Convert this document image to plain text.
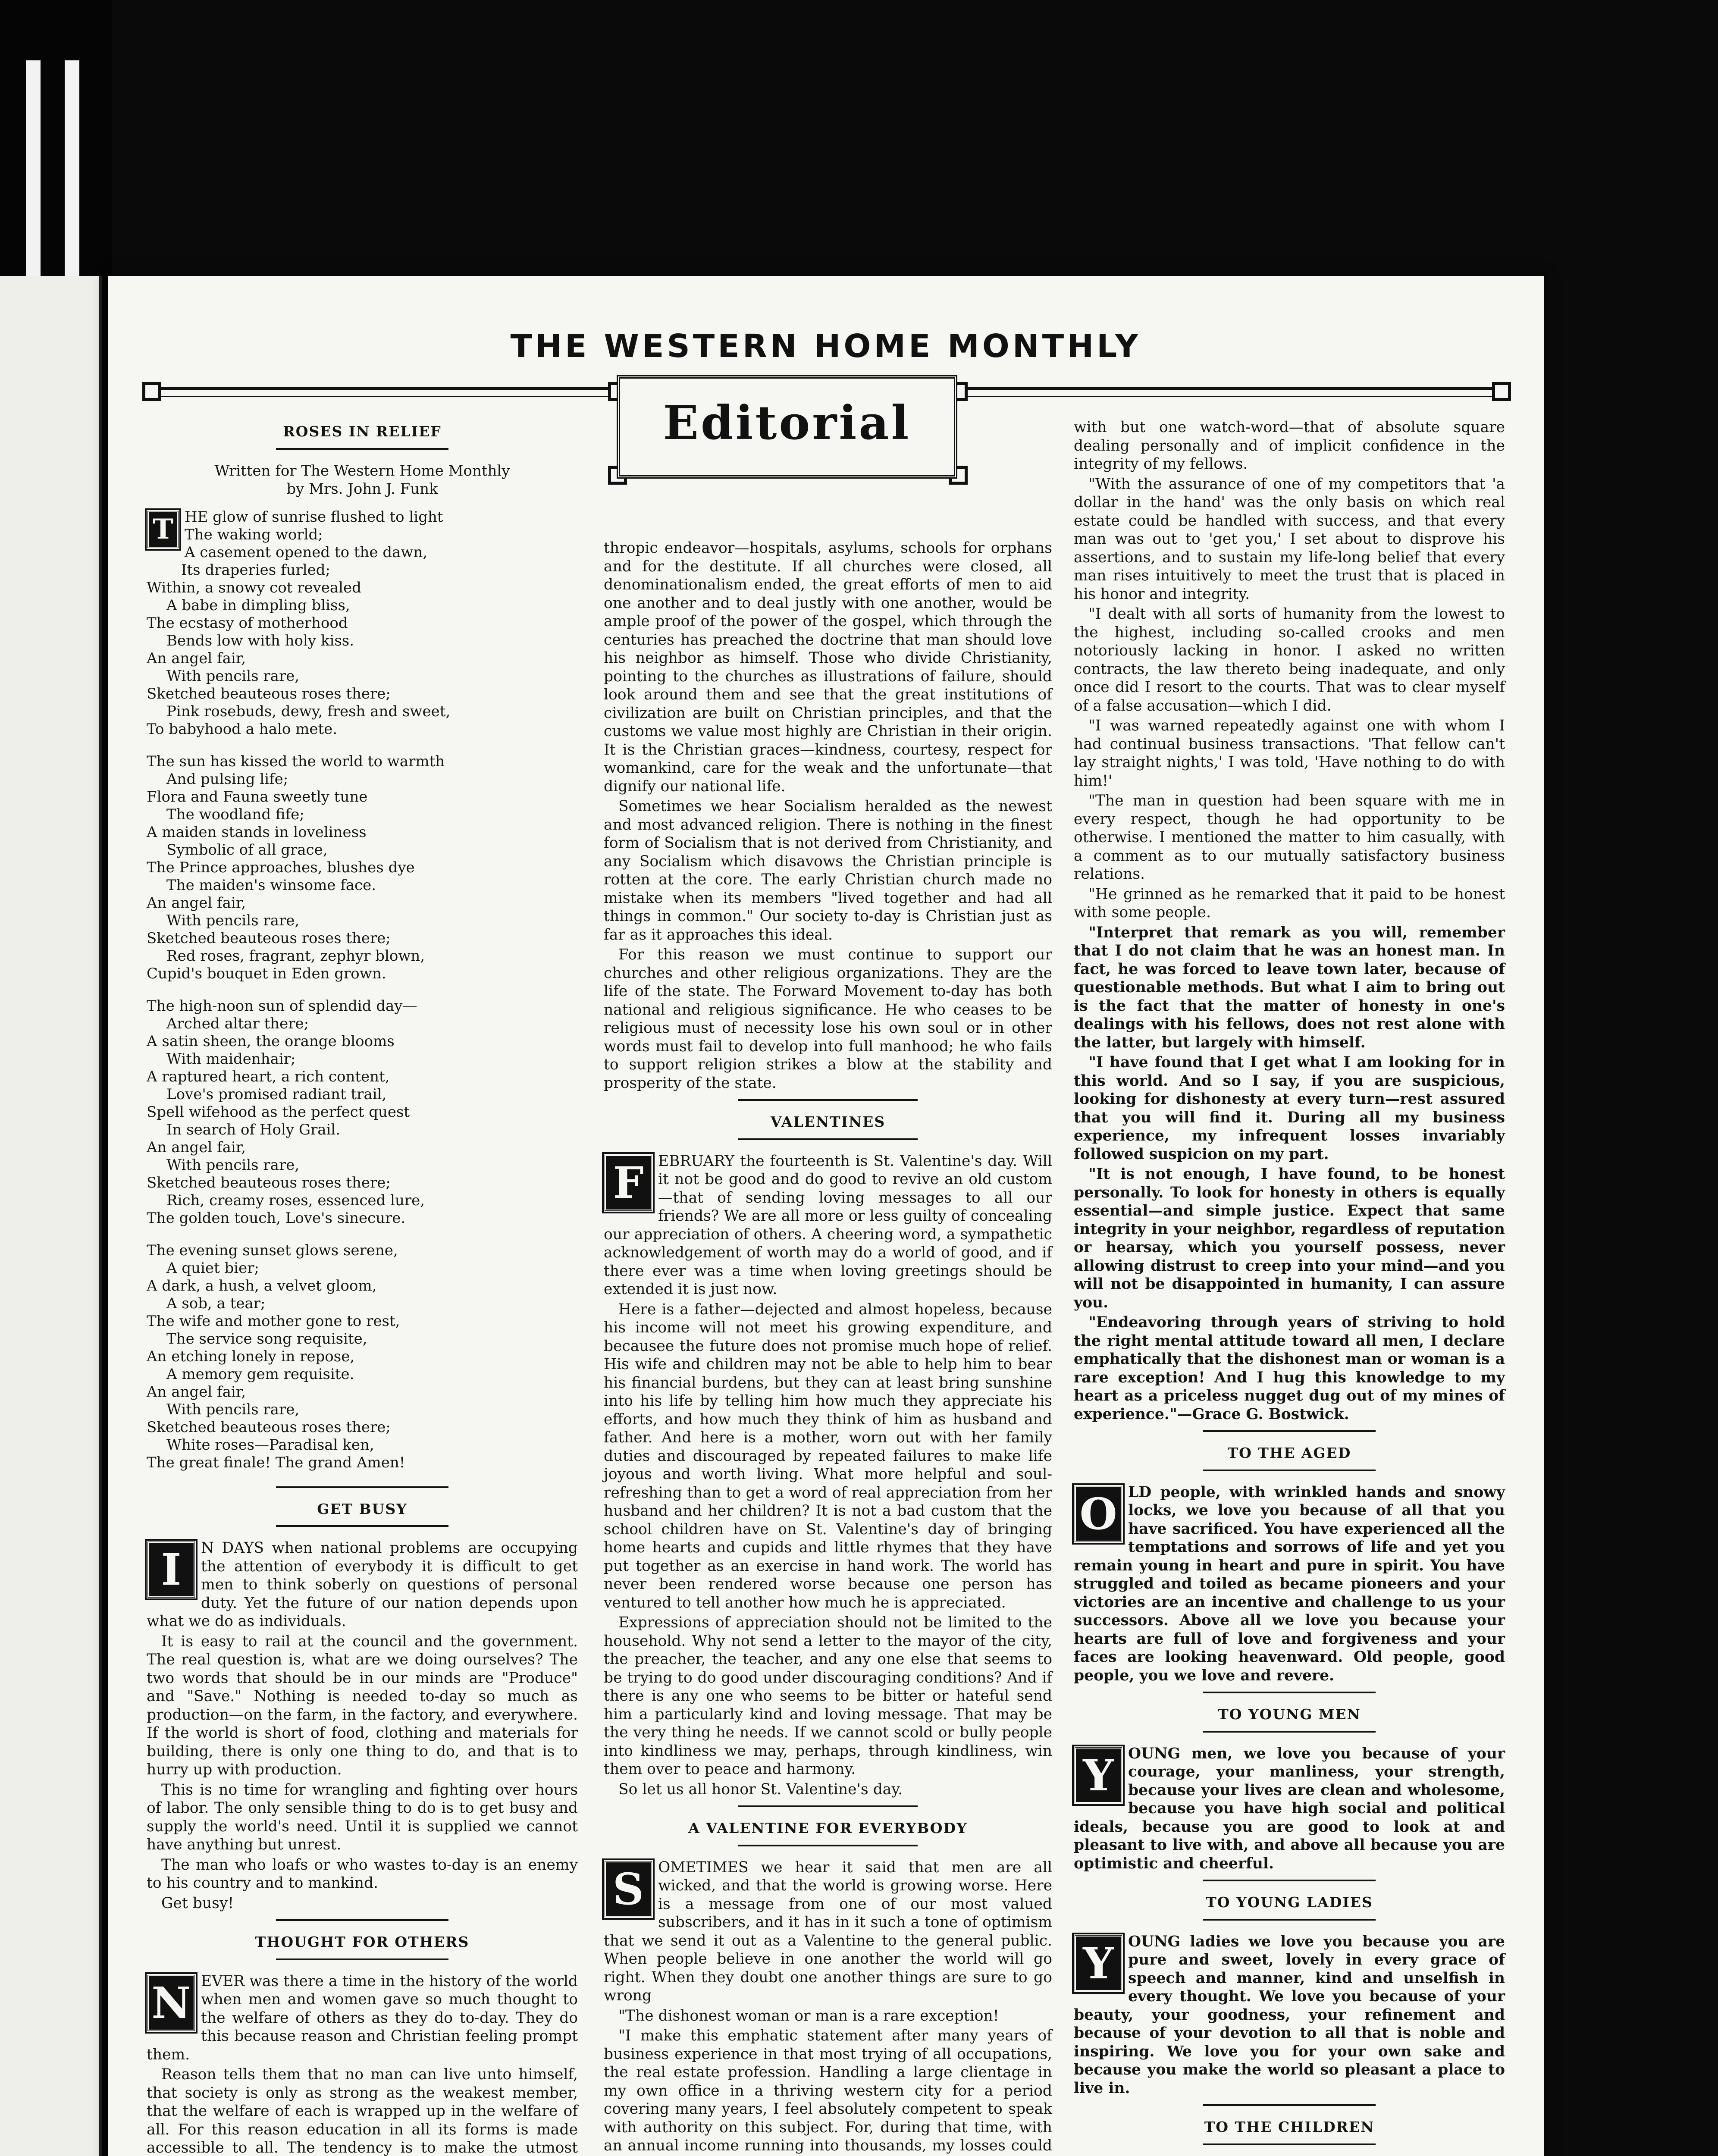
THE WESTERN HOME MONTHLY
Editorial
ROSES IN RELIEF
Written for The Western Home Monthly
by Mrs. John J. Funk
T HE glow of sunrise flushed to light
The waking world;
A casement opened to the dawn,
Its draperies furled;
Within, a snowy cot revealed
A babe in dimpling bliss,
The ecstasy of motherhood
Bends low with holy kiss.
An angel fair,
With pencils rare,
Sketched beauteous roses there;
Pink rosebuds, dewy, fresh and sweet,
To babyhood a halo mete.
The sun has kissed the world to warmth
And pulsing life;
Flora and Fauna sweetly tune
The woodland fife;
A maiden stands in loveliness
Symbolic of all grace,
The Prince approaches, blushes dye
The maiden's winsome face.
An angel fair,
With pencils rare,
Sketched beauteous roses there;
Red roses, fragrant, zephyr blown,
Cupid's bouquet in Eden grown.
The high-noon sun of splendid day—
Arched altar there;
A satin sheen, the orange blooms
With maidenhair;
A raptured heart, a rich content,
Love's promised radiant trail,
Spell wifehood as the perfect quest
In search of Holy Grail.
An angel fair,
With pencils rare,
Sketched beauteous roses there;
Rich, creamy roses, essenced lure,
The golden touch, Love's sinecure.
The evening sunset glows serene,
A quiet bier;
A dark, a hush, a velvet gloom,
A sob, a tear;
The wife and mother gone to rest,
The service song requisite,
An etching lonely in repose,
A memory gem requisite.
An angel fair,
With pencils rare,
Sketched beauteous roses there;
White roses—Paradisal ken,
The great finale! The grand Amen!
GET BUSY

I	N DAYS when national problems are occupying the attention of everybody it is difficult to get men to think soberly on questions of personal duty. Yet the future of our nation depends upon what we do as individuals.

It is easy to rail at the council and the government. The real question is, what are we doing ourselves? The two words that should be in our minds are "Produce" and "Save." Nothing is needed to-day so much as production—on the farm, in the factory, and everywhere. If the world is short of food, clothing and materials for building, there is only one thing to do, and that is to hurry up with production.

This is no time for wrangling and fighting over hours of labor. The only sensible thing to do is to get busy and supply the world's need. Until it is supplied we cannot have anything but unrest.

The man who loafs or who wastes to-day is an enemy to his country and to mankind.

Get busy!

THOUGHT FOR OTHERS

N EVER was there a time in the history of the world when men and women gave so much thought to the welfare of others as they do to-day. They do this because reason and Christian feeling prompt them.

Reason tells them that no man can live unto himself, that society is only as strong as the weakest member, that the welfare of each is wrapped up in the welfare of all. For this reason education in all its forms is made accessible to all. The tendency is to make the utmost

thropic endeavor—hospitals, asylums, schools for orphans and for the destitute. If all churches were closed, all denominationalism ended, the great efforts of men to aid one another and to deal justly with one another, would be ample proof of the power of the gospel, which through the centuries has preached the doctrine that man should love his neighbor as himself. Those who divide Christianity, pointing to the churches as illustrations of failure, should look around them and see that the great institutions of civilization are built on Christian principles, and that the customs we value most highly are Christian in their origin. It is the Christian graces—kindness, courtesy, respect for womankind, care for the weak and the unfortunate—that dignify our national life.

Sometimes we hear Socialism heralded as the newest and most advanced religion. There is nothing in the finest form of Socialism that is not derived from Christianity, and any Socialism which disavows the Christian principle is rotten at the core. The early Christian church made no mistake when its members "lived together and had all things in common." Our society to-day is Christian just as far as it approaches this ideal.

For this reason we must continue to support our churches and other religious organizations. They are the life of the state. The Forward Movement to-day has both national and religious significance. He who ceases to be religious must of necessity lose his own soul or in other words must fail to develop into full manhood; he who fails to support religion strikes a blow at the stability and prosperity of the state.

VALENTINES

F EBRUARY the fourteenth is St. Valentine's day. Will it not be good and do good to revive an old custom—that of sending loving messages to all our friends? We are all more or less guilty of concealing our appreciation of others. A cheering word, a sympathetic acknowledgement of worth may do a world of good, and if there ever was a time when loving greetings should be extended it is just now.

Here is a father—dejected and almost hopeless, because his income will not meet his growing expenditure, and becausee the future does not promise much hope of relief. His wife and children may not be able to help him to bear his financial burdens, but they can at least bring sunshine into his life by telling him how much they appreciate his efforts, and how much they think of him as husband and father. And here is a mother, worn out with her family duties and discouraged by repeated failures to make life joyous and worth living. What more helpful and soul-refreshing than to get a word of real appreciation from her husband and her children? It is not a bad custom that the school children have on St. Valentine's day of bringing home hearts and cupids and little rhymes that they have put together as an exercise in hand work. The world has never been rendered worse because one person has ventured to tell another how much he is appreciated.

Expressions of appreciation should not be limited to the household. Why not send a letter to the mayor of the city, the preacher, the teacher, and any one else that seems to be trying to do good under discouraging conditions? And if there is any one who seems to be bitter or hateful send him a particularly kind and loving message. That may be the very thing he needs. If we cannot scold or bully people into kindliness we may, perhaps, through kindliness, win them over to peace and harmony.

So let us all honor St. Valentine's day.

A VALENTINE FOR EVERYBODY

S OMETIMES we hear it said that men are all wicked, and that the world is growing worse. Here is a message from one of our most valued subscribers, and it has in it such a tone of optimism that we send it out as a Valentine to the general public. When people believe in one another the world will go right. When they doubt one another things are sure to go wrong

"The dishonest woman or man is a rare exception!

"I make this emphatic statement after many years of business experience in that most trying of all occupations, the real estate profession. Handling a large clientage in my own office in a thriving western city for a period covering many years, I feel absolutely competent to speak with authority on this subject. For, during that time, with an annual income running into thousands, my losses could

with but one watch-word—that of absolute square dealing personally and of implicit confidence in the integrity of my fellows.

"With the assurance of one of my competitors that 'a dollar in the hand' was the only basis on which real estate could be handled with success, and that every man was out to 'get you,' I set about to disprove his assertions, and to sustain my life-long belief that every man rises intuitively to meet the trust that is placed in his honor and integrity.

"I dealt with all sorts of humanity from the lowest to the highest, including so-called crooks and men notoriously lacking in honor. I asked no written contracts, the law thereto being inadequate, and only once did I resort to the courts. That was to clear myself of a false accusation—which I did.

"I was warned repeatedly against one with whom I had continual business transactions. 'That fellow can't lay straight nights,' I was told, 'Have nothing to do with him!'

"The man in question had been square with me in every respect, though he had opportunity to be otherwise. I mentioned the matter to him casually, with a comment as to our mutually satisfactory business relations.

"He grinned as he remarked that it paid to be honest with some people.

"Interpret that remark as you will, remember that I do not claim that he was an honest man. In fact, he was forced to leave town later, because of questionable methods. But what I aim to bring out is the fact that the matter of honesty in one's dealings with his fellows, does not rest alone with the latter, but largely with himself.

"I have found that I get what I am looking for in this world. And so I say, if you are suspicious, looking for dishonesty at every turn—rest assured that you will find it. During all my business experience, my infrequent losses invariably followed suspicion on my part.

"It is not enough, I have found, to be honest personally. To look for honesty in others is equally essential—and simple justice. Expect that same integrity in your neighbor, regardless of reputation or hearsay, which you yourself possess, never allowing distrust to creep into your mind—and you will not be disappointed in humanity, I can assure you.

"Endeavoring through years of striving to hold the right mental attitude toward all men, I declare emphatically that the dishonest man or woman is a rare exception! And I hug this knowledge to my heart as a priceless nugget dug out of my mines of experience."—Grace G. Bostwick.

TO THE AGED

O LD people, with wrinkled hands and snowy locks, we love you because of all that you have sacrificed. You have experienced all the temptations and sorrows of life and yet you remain young in heart and pure in spirit. You have struggled and toiled as became pioneers and your victories are an incentive and challenge to us your successors. Above all we love you because your hearts are full of love and forgiveness and your faces are looking heavenward. Old people, good people, you we love and revere.

TO YOUNG MEN

Y OUNG men, we love you because of your courage, your manliness, your strength, because your lives are clean and wholesome, because you have high social and political ideals, because you are good to look at and pleasant to live with, and above all because you are optimistic and cheerful.

TO YOUNG LADIES

Y OUNG ladies we love you because you are pure and sweet, lovely in every grace of speech and manner, kind and unselfish in every thought. We love you because of your beauty, your goodness, your refinement and because of your devotion to all that is noble and inspiring. We love you for your own sake and because you make the world so pleasant a place to live in.

TO THE CHILDREN
